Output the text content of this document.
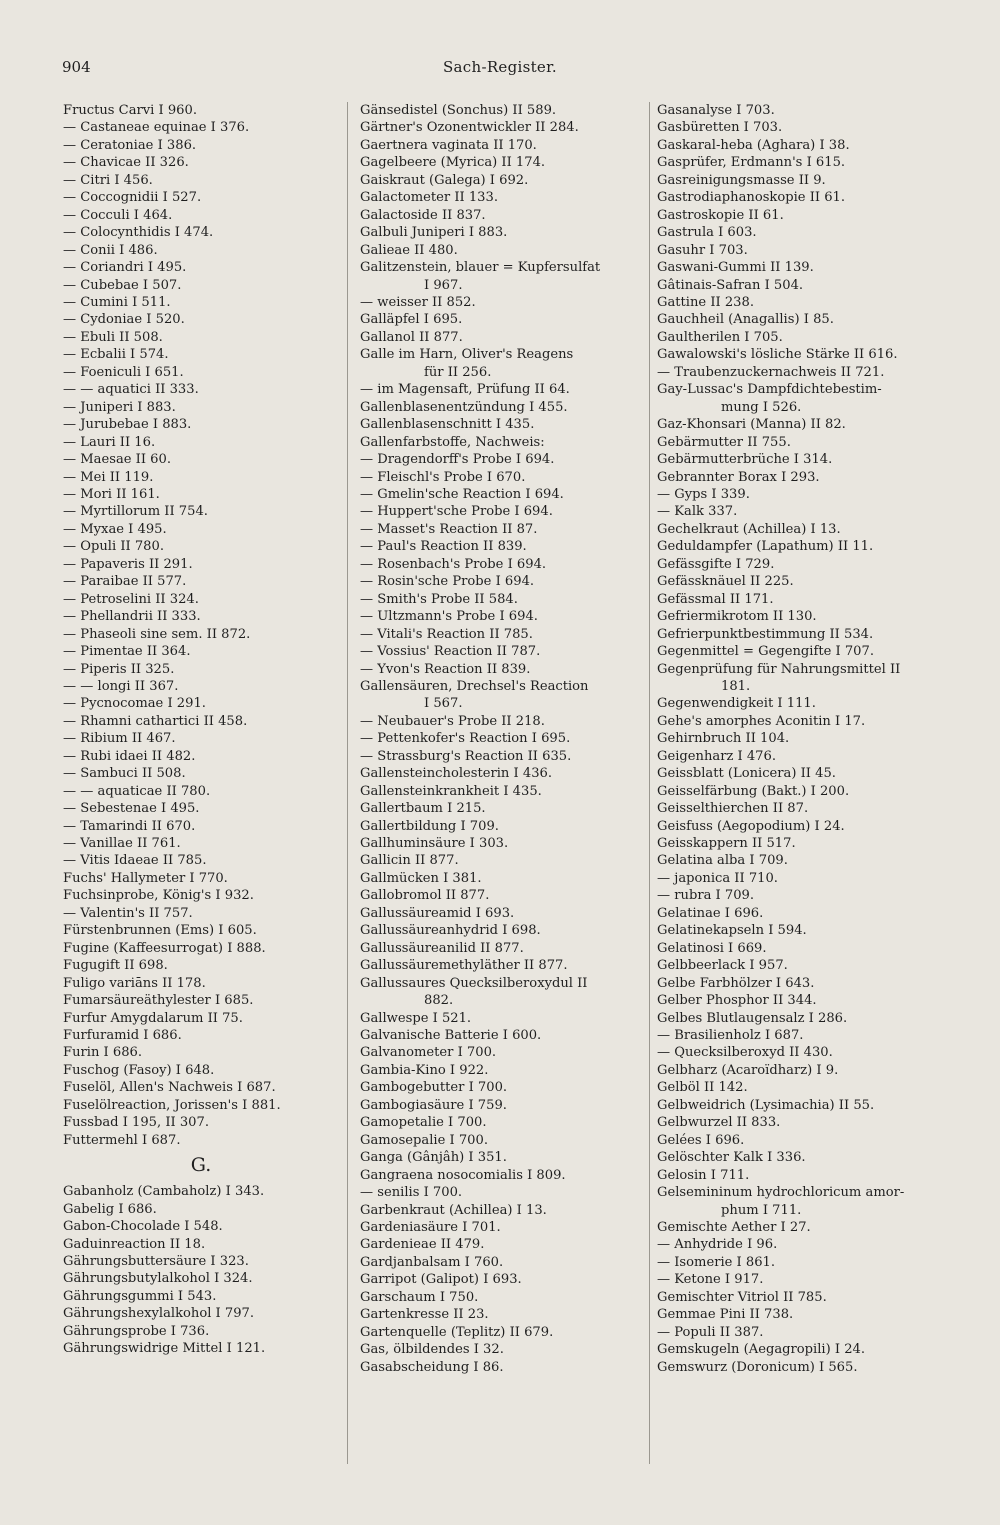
904	Sach-Register.
Fructus Carvi I 960.
— Castaneae equinae I 376.
— Ceratoniae I 386.
— Chavicae II 326.
— Citri I 456.
— Coccognidii I 527.
— Cocculi I 464.
— Colocynthidis I 474.
— Conii I 486.
— Coriandri I 495.
— Cubebae I 507.
— Cumini I 511.
— Cydoniae I 520.
— Ebuli II 508.
— Ecbalii I 574.
— Foeniculi I 651.
— — aquatici II 333.
— Juniperi I 883.
— Jurubebae I 883.
— Lauri II 16.
— Maesae II 60.
— Mei II 119.
— Mori II 161.
— Myrtillorum II 754.
— Myxae I 495.
— Opuli II 780.
— Papaveris II 291.
— Paraibae II 577.
— Petroselini II 324.
— Phellandrii II 333.
— Phaseoli sine sem. II 872.
— Pimentae II 364.
— Piperis II 325.
— — longi II 367.
— Pycnocomae I 291.
— Rhamni cathartici II 458.
— Ribium II 467.
— Rubi idaei II 482.
— Sambuci II 508.
— — aquaticae II 780.
— Sebestenae I 495.
— Tamarindi II 670.
— Vanillae II 761.
— Vitis Idaeae II 785.
Fuchs' Hallymeter I 770.
Fuchsinprobe, König's I 932.
— Valentin's II 757.
Fürstenbrunnen (Ems) I 605.
Fugine (Kaffeesurrogat) I 888.
Fugugift II 698.
Fuligo variāns II 178.
Fumarsäureäthylester I 685.
Furfur Amygdalarum II 75.
Furfuramid I 686.
Furin I 686.
Fuschog (Fasoy) I 648.
Fuselöl, Allen's Nachweis I 687.
Fuselölreaction, Jorissen's I 881.
Fussbad I 195, II 307.
Futtermehl I 687.
G.
Gabanholz (Cambaholz) I 343.
Gabelig I 686.
Gabon-Chocolade I 548.
Gaduinreaction II 18.
Gährungsbuttersäure I 323.
Gährungsbutylalkohol I 324.
Gährungsgummi I 543.
Gährungshexylalkohol I 797.
Gährungsprobe I 736.
Gährungswidrige Mittel I 121.
Gänsedistel (Sonchus) II 589.
Gärtner's Ozonentwickler II 284.
Gaertnera vaginata II 170.
Gagelbeere (Myrica) II 174.
Gaiskraut (Galega) I 692.
Galactometer II 133.
Galactoside II 837.
Galbuli Juniperi I 883.
Galieae II 480.
Galitzenstein, blauer = Kupfersulfat
I 967.
— weisser II 852.
Galläpfel I 695.
Gallanol II 877.
Galle im Harn, Oliver's Reagens
für II 256.
— im Magensaft, Prüfung II 64.
Gallenblasenentzündung I 455.
Gallenblasenschnitt I 435.
Gallenfarbstoffe, Nachweis:
— Dragendorff's Probe I 694.
— Fleischl's Probe I 670.
— Gmelin'sche Reaction I 694.
— Huppert'sche Probe I 694.
— Masset's Reaction II 87.
— Paul's Reaction II 839.
— Rosenbach's Probe I 694.
— Rosin'sche Probe I 694.
— Smith's Probe II 584.
— Ultzmann's Probe I 694.
— Vitali's Reaction II 785.
— Vossius' Reaction II 787.
— Yvon's Reaction II 839.
Gallensäuren, Drechsel's Reaction
I 567.
— Neubauer's Probe II 218.
— Pettenkofer's Reaction I 695.
— Strassburg's Reaction II 635.
Gallensteincholesterin I 436.
Gallensteinkrankheit I 435.
Gallertbaum I 215.
Gallertbildung I 709.
Gallhuminsäure I 303.
Gallicin II 877.
Gallmücken I 381.
Gallobromol II 877.
Gallussäureamid I 693.
Gallussäureanhydrid I 698.
Gallussäureanilid II 877.
Gallussäuremethyläther II 877.
Gallussaures Quecksilberoxydul II
882.
Gallwespe I 521.
Galvanische Batterie I 600.
Galvanometer I 700.
Gambia-Kino I 922.
Gambogebutter I 700.
Gambogiasäure I 759.
Gamopetalie I 700.
Gamosepalie I 700.
Ganga (Gânjâh) I 351.
Gangraena nosocomialis I 809.
— senilis I 700.
Garbenkraut (Achillea) I 13.
Gardeniasäure I 701.
Gardenieae II 479.
Gardjanbalsam I 760.
Garripot (Galipot) I 693.
Garschaum I 750.
Gartenkresse II 23.
Gartenquelle (Teplitz) II 679.
Gas, ölbildendes I 32.
Gasabscheidung I 86.
Gasanalyse I 703.
Gasbüretten I 703.
Gaskaral-heba (Aghara) I 38.
Gasprüfer, Erdmann's I 615.
Gasreinigungsmasse II 9.
Gastrodiaphanoskopie II 61.
Gastroskopie II 61.
Gastrula I 603.
Gasuhr I 703.
Gaswani-Gummi II 139.
Gâtinais-Safran I 504.
Gattine II 238.
Gauchheil (Anagallis) I 85.
Gaultherilen I 705.
Gawalowski's lösliche Stärke II 616.
— Traubenzuckernachweis II 721.
Gay-Lussac's Dampfdichtebestim-
mung I 526.
Gaz-Khonsari (Manna) II 82.
Gebärmutter II 755.
Gebärmutterbrüche I 314.
Gebrannter Borax I 293.
— Gyps I 339.
— Kalk 337.
Gechelkraut (Achillea) I 13.
Geduldampfer (Lapathum) II 11.
Gefässgifte I 729.
Gefässknäuel II 225.
Gefässmal II 171.
Gefriermikrotom II 130.
Gefrierpunktbestimmung II 534.
Gegenmittel = Gegengifte I 707.
Gegenprüfung für Nahrungsmittel II
181.
Gegenwendigkeit I 111.
Gehe's amorphes Aconitin I 17.
Gehirnbruch II 104.
Geigenharz I 476.
Geissblatt (Lonicera) II 45.
Geisselfärbung (Bakt.) I 200.
Geisselthierchen II 87.
Geisfuss (Aegopodium) I 24.
Geisskappern II 517.
Gelatina alba I 709.
— japonica II 710.
— rubra I 709.
Gelatinae I 696.
Gelatinekapseln I 594.
Gelatinosi I 669.
Gelbbeerlack I 957.
Gelbe Farbhölzer I 643.
Gelber Phosphor II 344.
Gelbes Blutlaugensalz I 286.
— Brasilienholz I 687.
— Quecksilberoxyd II 430.
Gelbharz (Acaroïdharz) I 9.
Gelböl II 142.
Gelbweidrich (Lysimachia) II 55.
Gelbwurzel II 833.
Gelées I 696.
Gelöschter Kalk I 336.
Gelosin I 711.
Gelsemininum hydrochloricum amor-
phum I 711.
Gemischte Aether I 27.
— Anhydride I 96.
— Isomerie I 861.
— Ketone I 917.
Gemischter Vitriol II 785.
Gemmae Pini II 738.
— Populi II 387.
Gemskugeln (Aegagropili) I 24.
Gemswurz (Doronicum) I 565.
